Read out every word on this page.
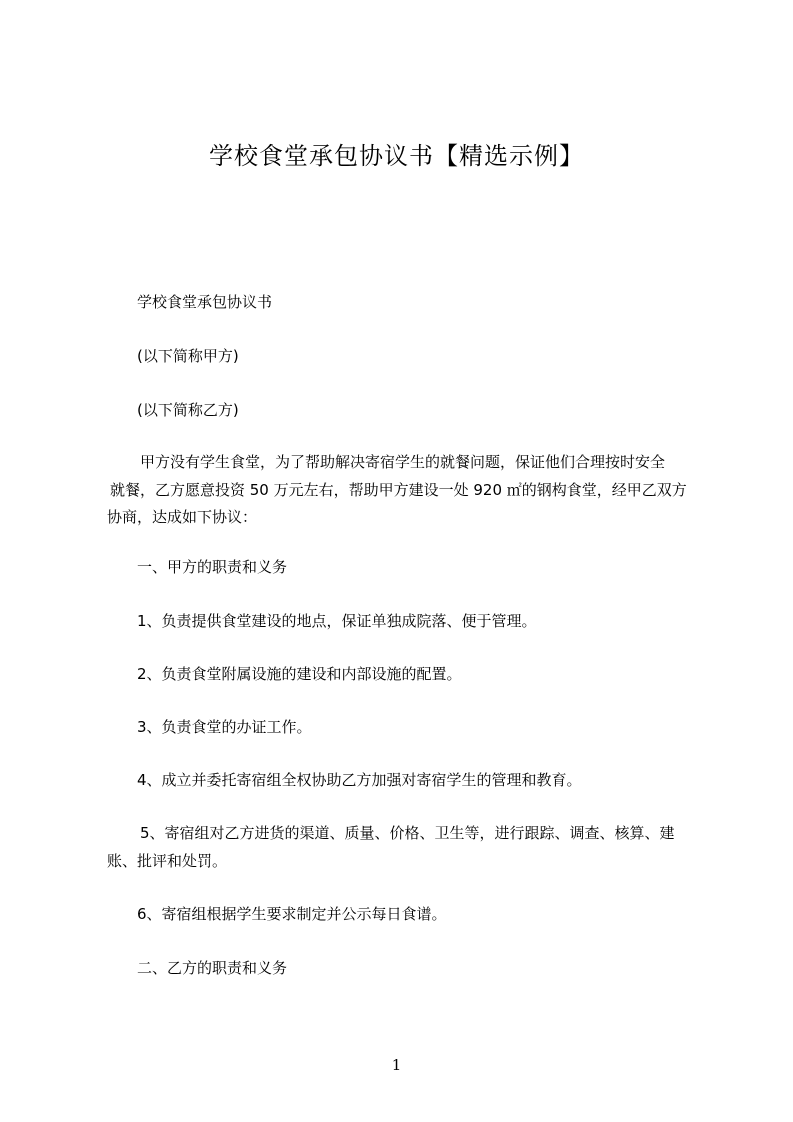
学校食堂承包协议书【精选示例】
学校食堂承包协议书
(以下简称甲方)
(以下简称乙方)
甲方没有学生食堂，为了帮助解决寄宿学生的就餐问题，保证他们合理按时安全
就餐，乙方愿意投资 50 万元左右，帮助甲方建设一处 920 ㎡的钢构食堂，经甲乙双方
协商，达成如下协议：
一、甲方的职责和义务
1、负责提供食堂建设的地点，保证单独成院落、便于管理。
2、负责食堂附属设施的建设和内部设施的配置。
3、负责食堂的办证工作。
4、成立并委托寄宿组全权协助乙方加强对寄宿学生的管理和教育。
5、寄宿组对乙方进货的渠道、质量、价格、卫生等，进行跟踪、调查、核算、建
账、批评和处罚。
6、寄宿组根据学生要求制定并公示每日食谱。
二、乙方的职责和义务
1
